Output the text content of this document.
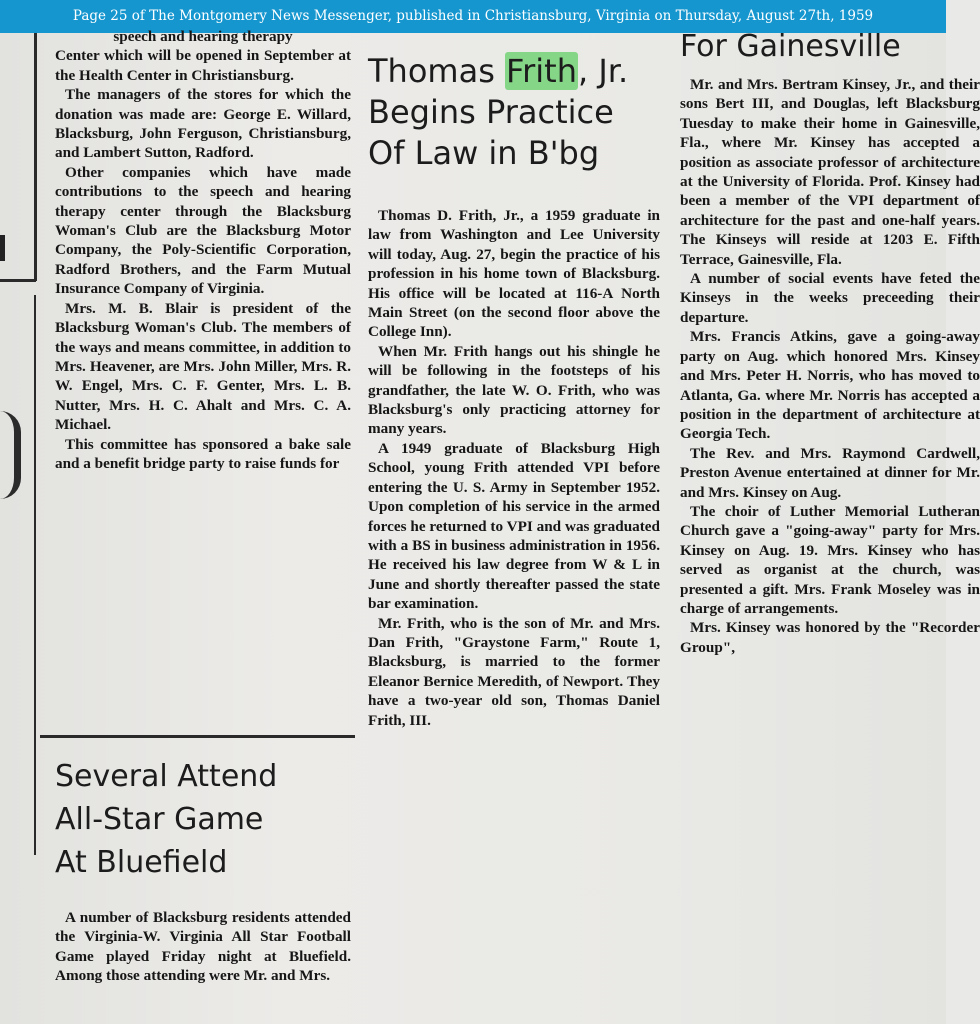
Page 25 of The Montgomery News Messenger, published in Christiansburg, Virginia on Thursday, August 27th, 1959

speech and hearing therapy

Center which will be opened in September at the Health Center in Christiansburg.

The managers of the stores for which the donation was made are: George E. Willard, Blacksburg, John Ferguson, Christiansburg, and Lambert Sutton, Radford.

Other companies which have made contributions to the speech and hearing therapy center through the Blacksburg Woman's Club are the Blacksburg Motor Company, the Poly-Scientific Corporation, Radford Brothers, and the Farm Mutual Insurance Company of Virginia.

Mrs. M. B. Blair is president of the Blacksburg Woman's Club. The members of the ways and means committee, in addition to Mrs. Heavener, are Mrs. John Miller, Mrs. R. W. Engel, Mrs. C. F. Genter, Mrs. L. B. Nutter, Mrs. H. C. Ahalt and Mrs. C. A. Michael.

This committee has sponsored a bake sale and a benefit bridge party to raise funds for

Several Attend
All-Star Game
At Bluefield

A number of Blacksburg residents attended the Virginia-W. Virginia All Star Football Game played Friday night at Bluefield. Among those attending were Mr. and Mrs.

Thomas Frith, Jr.
Begins Practice
Of Law in B'bg

Thomas D. Frith, Jr., a 1959 graduate in law from Washington and Lee University will today, Aug. 27, begin the practice of his profession in his home town of Blacksburg. His office will be located at 116-A North Main Street (on the second floor above the College Inn).

When Mr. Frith hangs out his shingle he will be following in the footsteps of his grandfather, the late W. O. Frith, who was Blacksburg's only practicing attorney for many years.

A 1949 graduate of Blacksburg High School, young Frith attended VPI before entering the U. S. Army in September 1952. Upon completion of his service in the armed forces he returned to VPI and was graduated with a BS in business administration in 1956. He received his law degree from W & L in June and shortly thereafter passed the state bar examination.

Mr. Frith, who is the son of Mr. and Mrs. Dan Frith, "Graystone Farm," Route 1, Blacksburg, is married to the former Eleanor Bernice Meredith, of Newport. They have a two-year old son, Thomas Daniel Frith, III.

For Gainesville

Mr. and Mrs. Bertram Kinsey, Jr., and their sons Bert III, and Douglas, left Blacksburg Tuesday to make their home in Gainesville, Fla., where Mr. Kinsey has accepted a position as associate professor of architecture at the University of Florida. Prof. Kinsey had been a member of the VPI department of architecture for the past and one-half years. The Kinseys will reside at 1203 E. Fifth Terrace, Gainesville, Fla.

A number of social events have feted the Kinseys in the weeks preceeding their departure.

Mrs. Francis Atkins, gave a going-away party on Aug. which honored Mrs. Kinsey and Mrs. Peter H. Norris, who has moved to Atlanta, Ga. where Mr. Norris has accepted a position in the department of architecture at Georgia Tech.

The Rev. and Mrs. Raymond Cardwell, Preston Avenue entertained at dinner for Mr. and Mrs. Kinsey on Aug.

The choir of Luther Memorial Lutheran Church gave a "going-away" party for Mrs. Kinsey on Aug. 19. Mrs. Kinsey who has served as organist at the church, was presented a gift. Mrs. Frank Moseley was in charge of arrangements.

Mrs. Kinsey was honored by the "Recorder Group",
